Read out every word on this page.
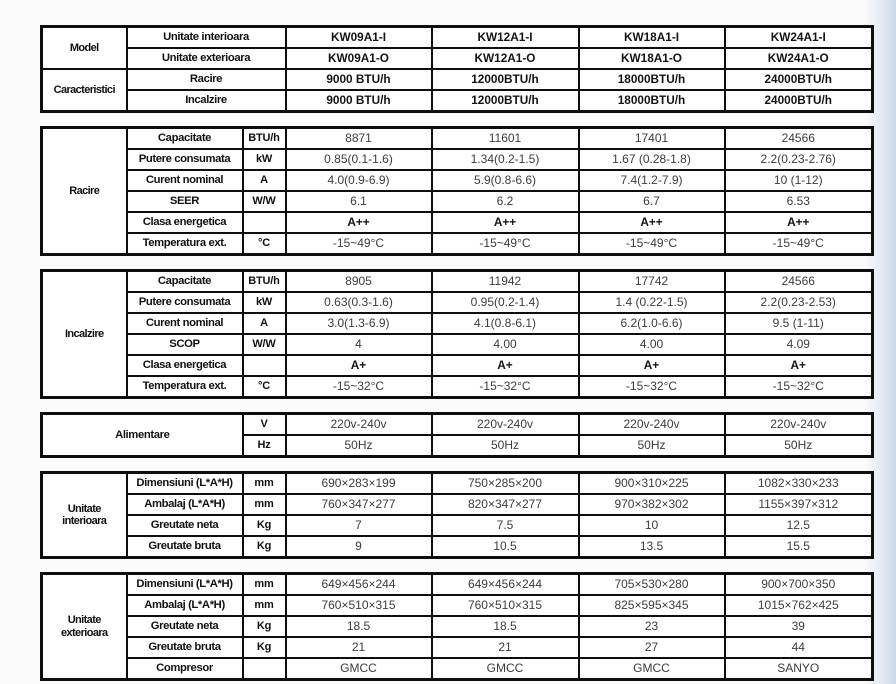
Model	Unitate interioara	KW09A1-I	KW12A1-I	KW18A1-I	KW24A1-I
	Unitate exterioara	KW09A1-O	KW12A1-O	KW18A1-O	KW24A1-O
Caracteristici	Racire	9000 BTU/h	12000BTU/h	18000BTU/h	24000BTU/h
	Incalzire	9000 BTU/h	12000BTU/h	18000BTU/h	24000BTU/h
Racire	Capacitate	BTU/h	8871	11601	17401	24566
	Putere consumata	kW	0.85(0.1-1.6)	1.34(0.2-1.5)	1.67 (0.28-1.8)	2.2(0.23-2.76)
	Curent nominal	A	4.0(0.9-6.9)	5.9(0.8-6.6)	7.4(1.2-7.9)	10 (1-12)
	SEER	W/W	6.1	6.2	6.7	6.53
	Clasa energetica		A++	A++	A++	A++
	Temperatura ext.	°C	-15~49°C	-15~49°C	-15~49°C	-15~49°C
Incalzire	Capacitate	BTU/h	8905	11942	17742	24566
	Putere consumata	kW	0.63(0.3-1.6)	0.95(0.2-1.4)	1.4 (0.22-1.5)	2.2(0.23-2.53)
	Curent nominal	A	3.0(1.3-6.9)	4.1(0.8-6.1)	6.2(1.0-6.6)	9.5 (1-11)
	SCOP	W/W	4	4.00	4.00	4.09
	Clasa energetica		A+	A+	A+	A+
	Temperatura ext.	°C	-15~32°C	-15~32°C	-15~32°C	-15~32°C
Alimentare	V	220v-240v	220v-240v	220v-240v	220v-240v
	Hz	50Hz	50Hz	50Hz	50Hz
Unitate interioara	Dimensiuni (L*A*H)	mm	690×283×199	750×285×200	900×310×225	1082×330×233
	Ambalaj (L*A*H)	mm	760×347×277	820×347×277	970×382×302	1155×397×312
	Greutate neta	Kg	7	7.5	10	12.5
	Greutate bruta	Kg	9	10.5	13.5	15.5
Unitate exterioara	Dimensiuni (L*A*H)	mm	649×456×244	649×456×244	705×530×280	900×700×350
	Ambalaj (L*A*H)	mm	760×510×315	760×510×315	825×595×345	1015×762×425
	Greutate neta	Kg	18.5	18.5	23	39
	Greutate bruta	Kg	21	21	27	44
	Compresor		GMCC	GMCC	GMCC	SANYO
